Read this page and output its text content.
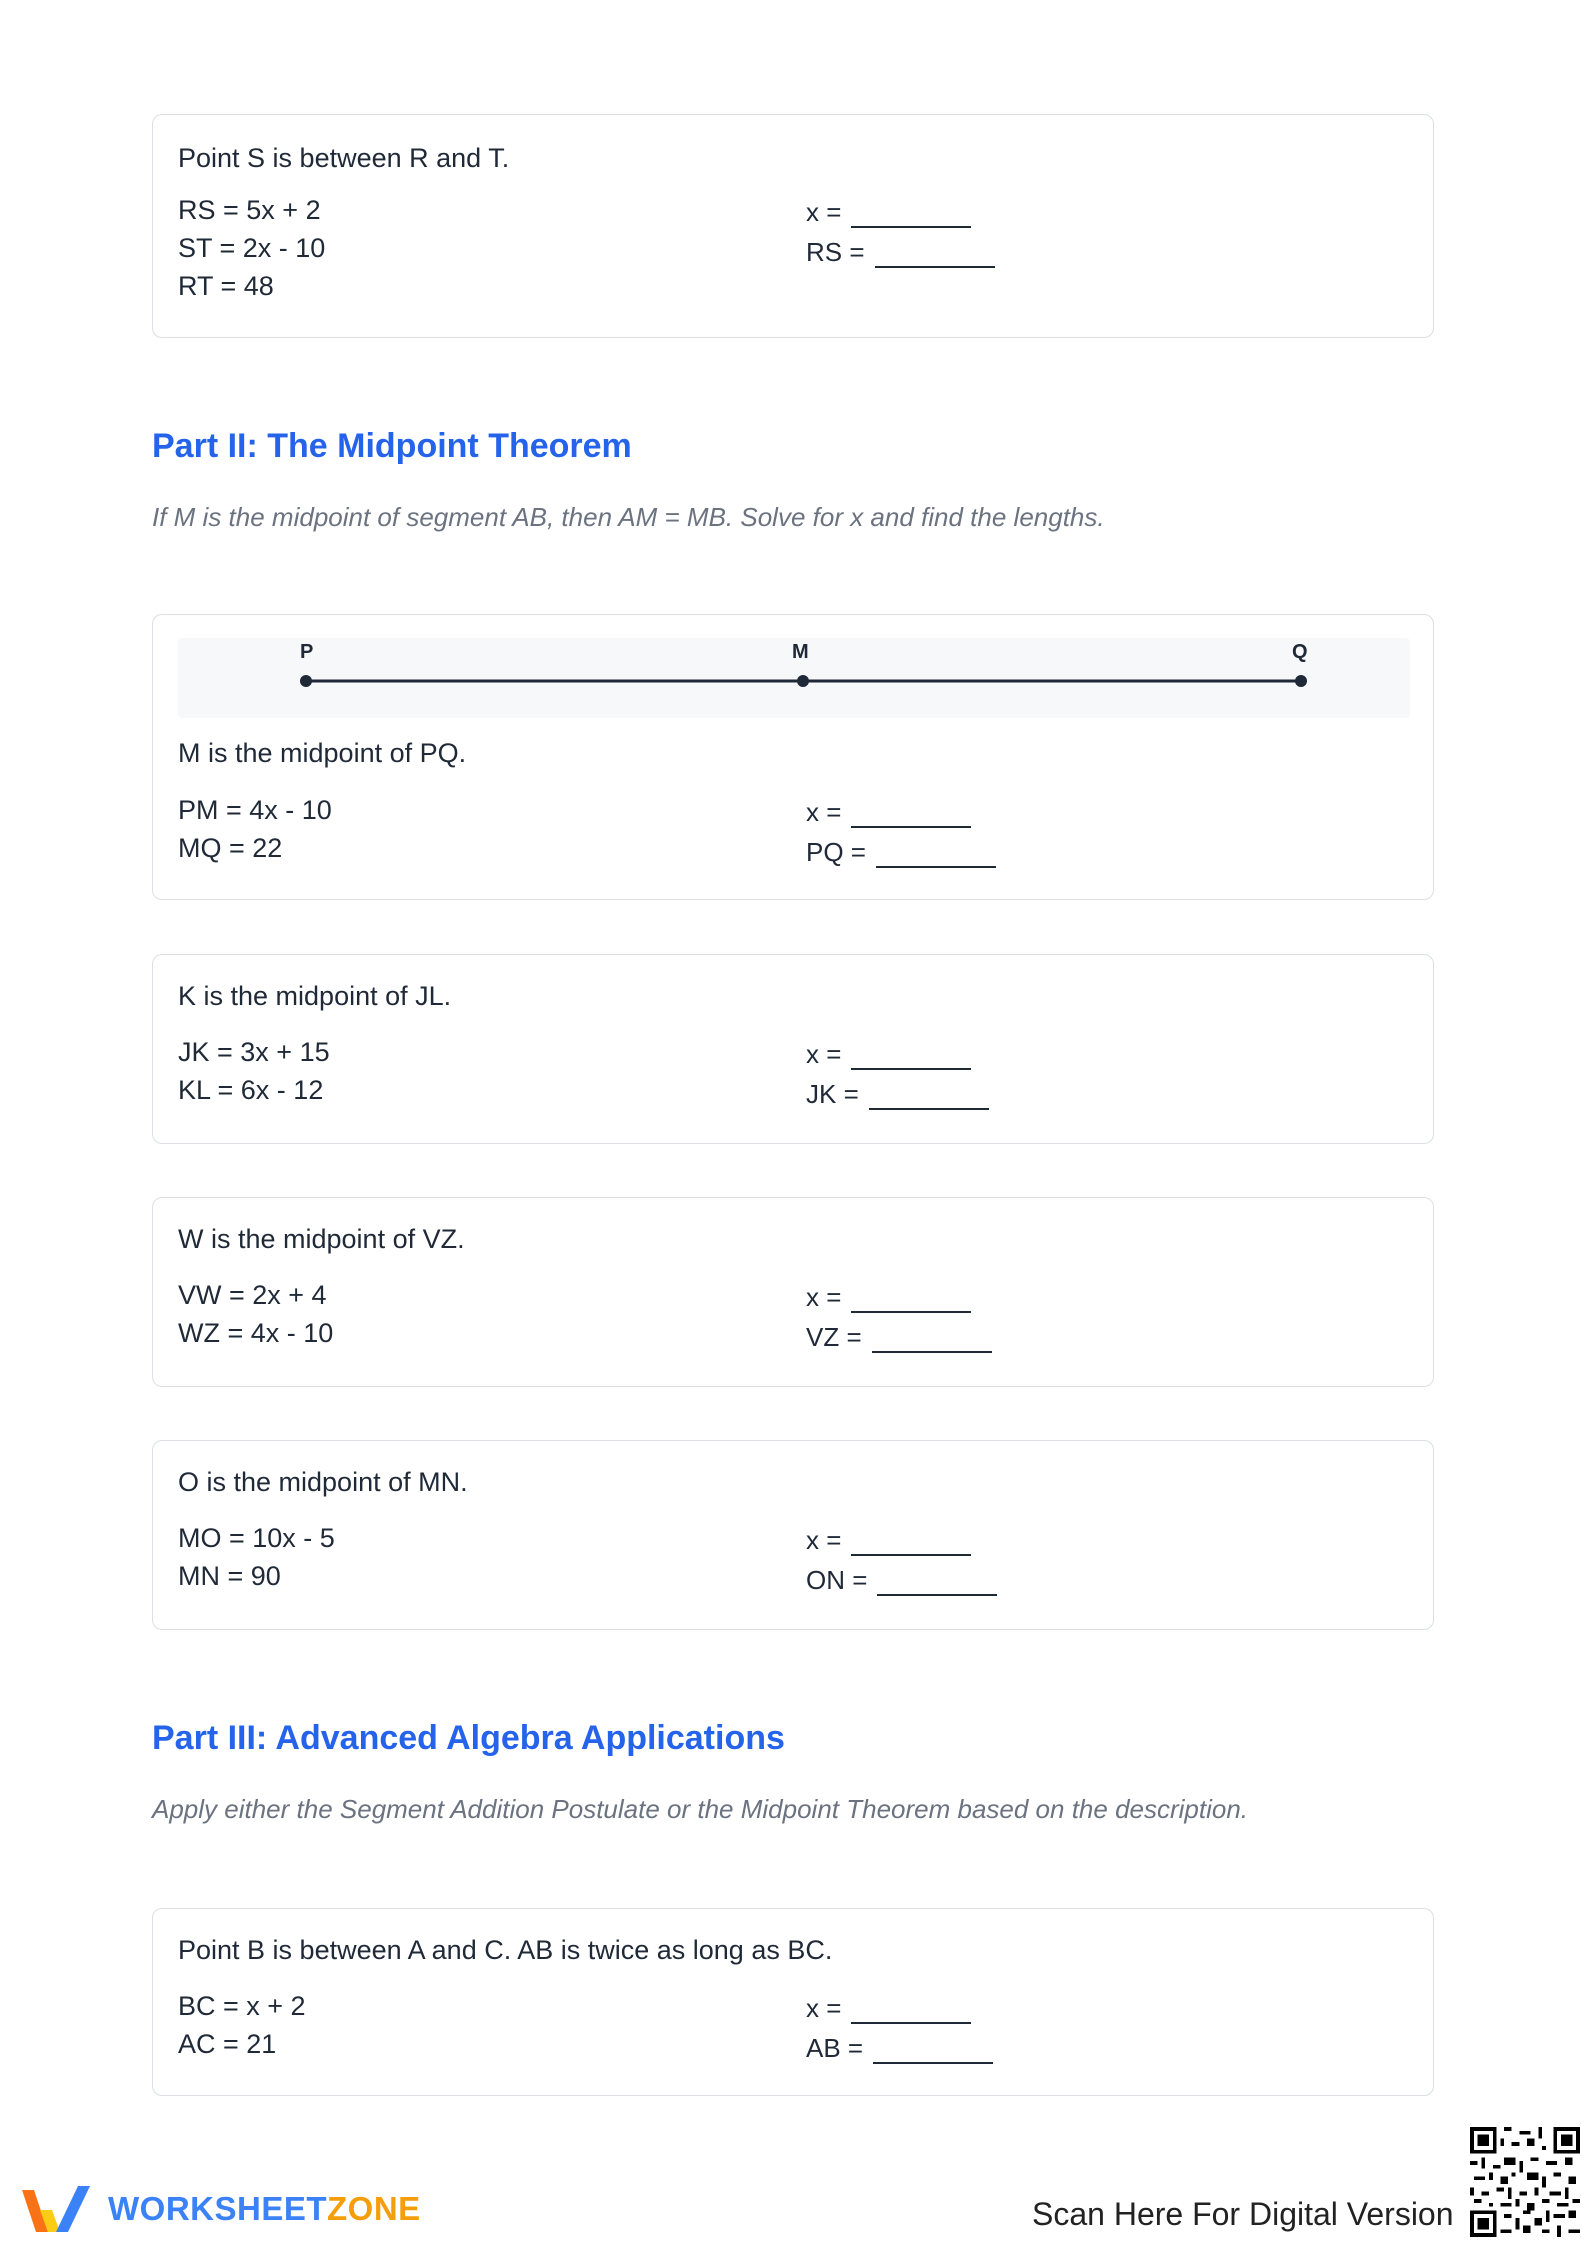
Point S is between R and T.
RS = 5x + 2
ST = 2x - 10
RT = 48
x =
RS =
Part II: The Midpoint Theorem
If M is the midpoint of segment AB, then AM = MB. Solve for x and find the lengths.
P	M	Q
M is the midpoint of PQ.
PM = 4x - 10
MQ = 22
x =
PQ =
K is the midpoint of JL.
JK = 3x + 15
KL = 6x - 12
x =
JK =
W is the midpoint of VZ.
VW = 2x + 4
WZ = 4x - 10
x =
VZ =
O is the midpoint of MN.
MO = 10x - 5
MN = 90
x =
ON =
Part III: Advanced Algebra Applications
Apply either the Segment Addition Postulate or the Midpoint Theorem based on the description.
Point B is between A and C. AB is twice as long as BC.
BC = x + 2
AC = 21
x =
AB =
WORKSHEETZONE	Scan Here For Digital Version
